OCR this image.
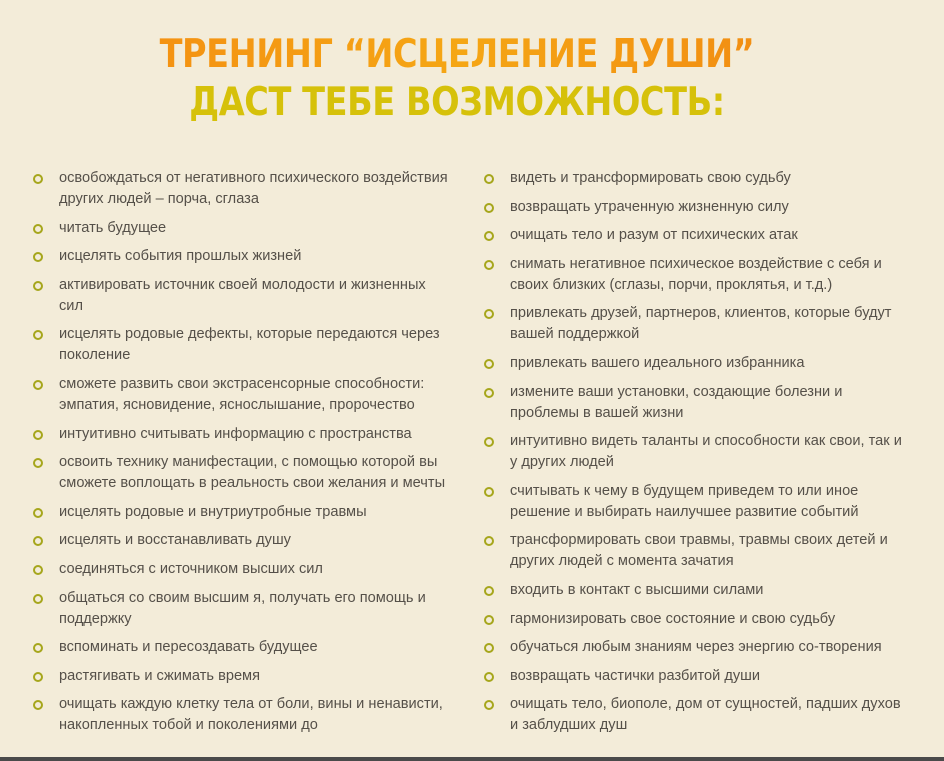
ТРЕНИНГ “ИСЦЕЛЕНИЕ ДУШИ”
ДАСТ ТЕБЕ ВОЗМОЖНОСТЬ:
освобождаться от негативного психического воздействия других людей – порча, сглаза
читать будущее
исцелять события прошлых жизней
активировать источник своей молодости и жизненных сил
исцелять родовые дефекты, которые передаются через поколение
сможете развить свои экстрасенсорные способности: эмпатия, ясновидение, яснослышание, пророчество
интуитивно считывать информацию с пространства
освоить технику манифестации, с помощью которой вы сможете воплощать в реальность свои желания и мечты
исцелять родовые и внутриутробные травмы
исцелять и восстанавливать душу
соединяться с источником высших сил
общаться со своим высшим я, получать его помощь и поддержку
вспоминать и пересоздавать будущее
растягивать и сжимать время
очищать каждую клетку тела от боли, вины и ненависти, накопленных тобой и поколениями до
видеть и трансформировать свою судьбу
возвращать утраченную жизненную силу
очищать тело и разум от психических атак
снимать негативное психическое воздействие с себя и своих близких (сглазы, порчи, проклятья, и т.д.)
привлекать друзей, партнеров, клиентов, которые будут вашей поддержкой
привлекать вашего идеального избранника
измените ваши установки, создающие болезни и проблемы в вашей жизни
интуитивно видеть таланты и способности как свои, так и у других людей
считывать к чему в будущем приведем то или иное решение и выбирать наилучшее развитие событий
трансформировать свои травмы, травмы своих детей и других людей с момента зачатия
входить в контакт с высшими силами
гармонизировать свое состояние и свою судьбу
обучаться любым знаниям через энергию со-творения
возвращать частички разбитой души
очищать тело, биополе, дом от сущностей, падших духов и заблудших душ
